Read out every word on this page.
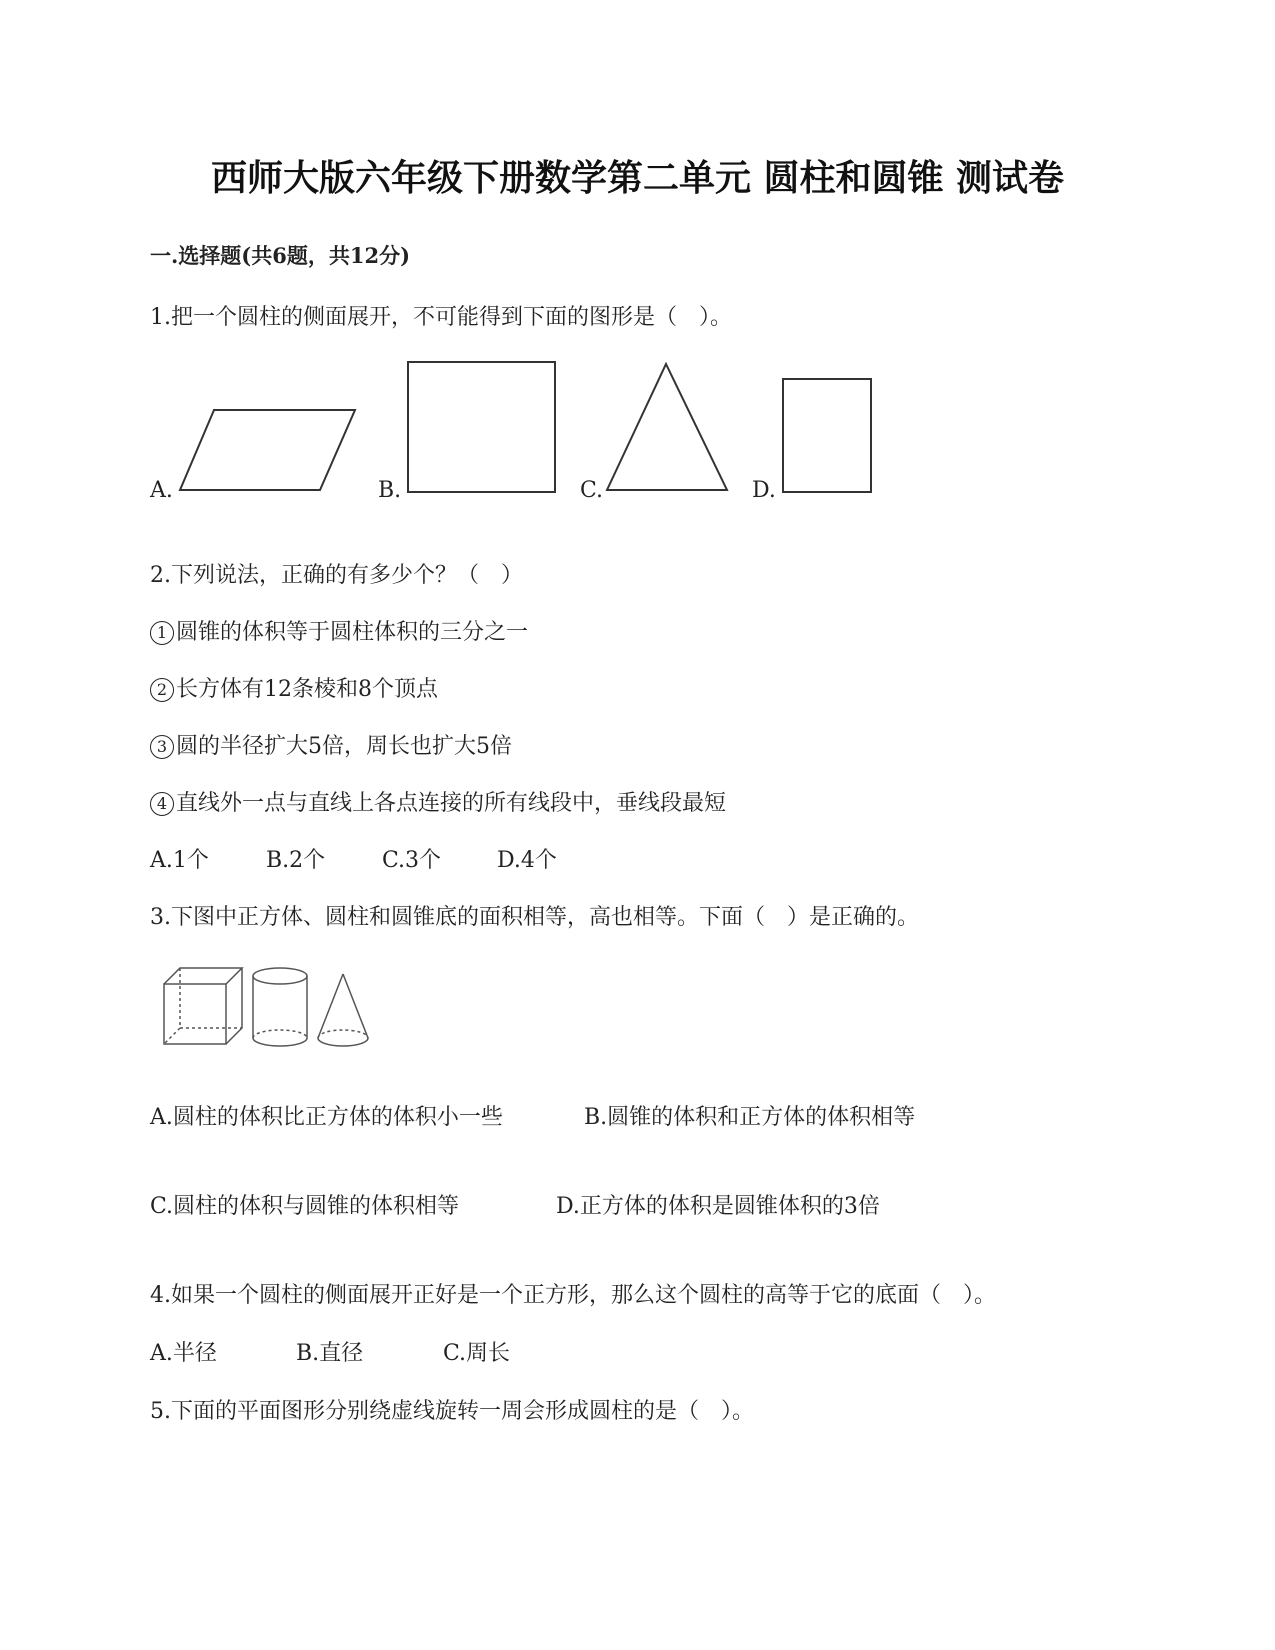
西师大版六年级下册数学第二单元 圆柱和圆锥 测试卷
一.选择题(共6题，共12分)
1.把一个圆柱的侧面展开，不可能得到下面的图形是（　）。
A.	B.	C.	D.
2.下列说法，正确的有多少个？（　）
1 圆锥的体积等于圆柱体积的三分之一
2 长方体有12条棱和8个顶点
3 圆的半径扩大5倍，周长也扩大5倍
4 直线外一点与直线上各点连接的所有线段中，垂线段最短
A.1个	B.2个	C.3个	D.4个
3.下图中正方体、圆柱和圆锥底的面积相等，高也相等。下面（　）是正确的。
A.圆柱的体积比正方体的体积小一些	B.圆锥的体积和正方体的体积相等
C.圆柱的体积与圆锥的体积相等	D.正方体的体积是圆锥体积的3倍
4.如果一个圆柱的侧面展开正好是一个正方形，那么这个圆柱的高等于它的底面（　）。
A.半径	B.直径	C.周长
5.下面的平面图形分别绕虚线旋转一周会形成圆柱的是（　）。
